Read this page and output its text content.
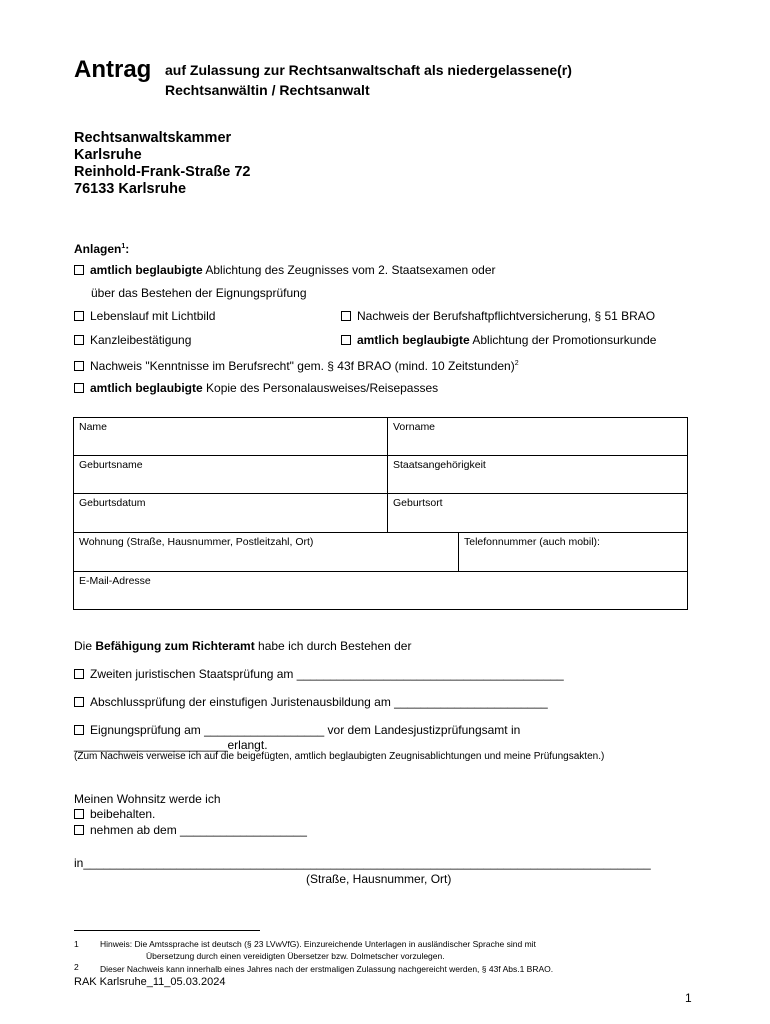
Antrag auf Zulassung zur Rechtsanwaltschaft als niedergelassene(r)
Rechtsanwältin / Rechtsanwalt
Rechtsanwaltskammer
Karlsruhe
Reinhold-Frank-Straße 72
76133 Karlsruhe
Anlagen$^1$:
amtlich beglaubigte Ablichtung des Zeugnisses vom 2. Staatsexamen oder
über das Bestehen der Eignungsprüfung
Lebenslauf mit Lichtbild	Nachweis der Berufshaftpflichtversicherung, § 51 BRAO
Kanzleibestätigung	amtlich beglaubigte Ablichtung der Promotionsurkunde
Nachweis "Kenntnisse im Berufsrecht" gem. § 43f BRAO (mind. 10 Zeitstunden)$^2$
amtlich beglaubigte Kopie des Personalausweises/Reisepasses
Name	Vorname
Geburtsname	Staatsangehörigkeit
Geburtsdatum	Geburtsort
Wohnung (Straße, Hausnummer, Postleitzahl, Ort)	Telefonnummer (auch mobil):
E-Mail-Adresse
Die Befähigung zum Richteramt habe ich durch Bestehen der
Zweiten juristischen Staatsprüfung am ________________________________________
Abschlussprüfung der einstufigen Juristenausbildung am _______________________
Eignungsprüfung am __________________ vor dem Landesjustizprüfungsamt in
_______________________erlangt.
(Zum Nachweis verweise ich auf die beigefügten, amtlich beglaubigten Zeugnisablichtungen und meine Prüfungsakten.)
Meinen Wohnsitz werde ich
beibehalten.
nehmen ab dem ___________________
in_____________________________________________________________________________________
(Straße, Hausnummer, Ort)
1	Hinweis: Die Amtssprache ist deutsch (§ 23 LVwVfG). Einzureichende Unterlagen in ausländischer Sprache sind mit
Übersetzung durch einen vereidigten Übersetzer bzw. Dolmetscher vorzulegen.
2	Dieser Nachweis kann innerhalb eines Jahres nach der erstmaligen Zulassung nachgereicht werden, § 43f Abs.1 BRAO.
RAK Karlsruhe_11_05.03.2024
1
